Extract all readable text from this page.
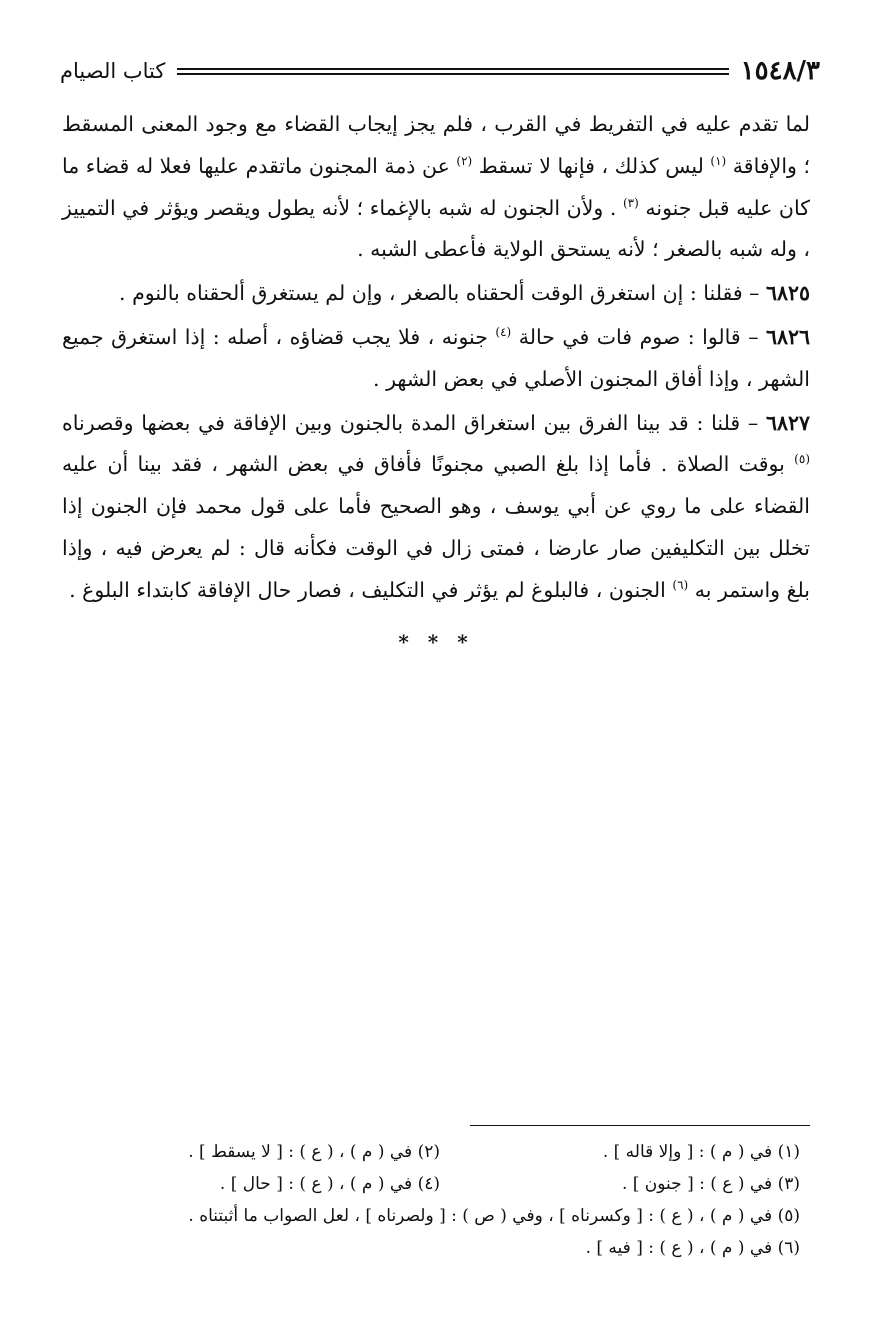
١٥٤٨/٣
كتاب الصيام

لما تقدم عليه في التفريط في القرب ، فلم يجز إيجاب القضاء مع وجود المعنى المسقط ؛ والإفاقة $^{(١)}$ ليس كذلك ، فإنها لا تسقط $^{(٢)}$ عن ذمة المجنون ماتقدم عليها فعلا له قضاء ما كان عليه قبل جنونه $^{(٣)}$ . ولأن الجنون له شبه بالإغماء ؛ لأنه يطول ويقصر ويؤثر في التمييز ، وله شبه بالصغر ؛ لأنه يستحق الولاية فأعطى الشبه .

٦٨٢٥ – فقلنا : إن استغرق الوقت ألحقناه بالصغر ، وإن لم يستغرق ألحقناه بالنوم .

٦٨٢٦ – قالوا : صوم فات في حالة $^{(٤)}$ جنونه ، فلا يجب قضاؤه ، أصله : إذا استغرق جميع الشهر ، وإذا أفاق المجنون الأصلي في بعض الشهر .

٦٨٢٧ – قلنا : قد بينا الفرق بين استغراق المدة بالجنون وبين الإفاقة في بعضها وقصرناه $^{(٥)}$ بوقت الصلاة . فأما إذا بلغ الصبي مجنونًا فأفاق في بعض الشهر ، فقد بينا أن عليه القضاء على ما روي عن أبي يوسف ، وهو الصحيح فأما على قول محمد فإن الجنون إذا تخلل بين التكليفين صار عارضا ، فمتى زال في الوقت فكأنه قال : لم يعرض فيه ، وإذا بلغ واستمر به $^{(٦)}$ الجنون ، فالبلوغ لم يؤثر في التكليف ، فصار حال الإفاقة كابتداء البلوغ .

* * *
(١) في ( م ) : [ وإلا قاله ] .
(٢) في ( م ) ، ( ع ) : [ لا يسقط ] .
(٣) في ( ع ) : [ جنون ] .
(٤) في ( م ) ، ( ع ) : [ حال ] .
(٥) في ( م ) ، ( ع ) : [ وكسرناه ] ، وفي ( ص ) : [ ولصرناه ] ، لعل الصواب ما أثبتناه .
(٦) في ( م ) ، ( ع ) : [ فيه ] .
